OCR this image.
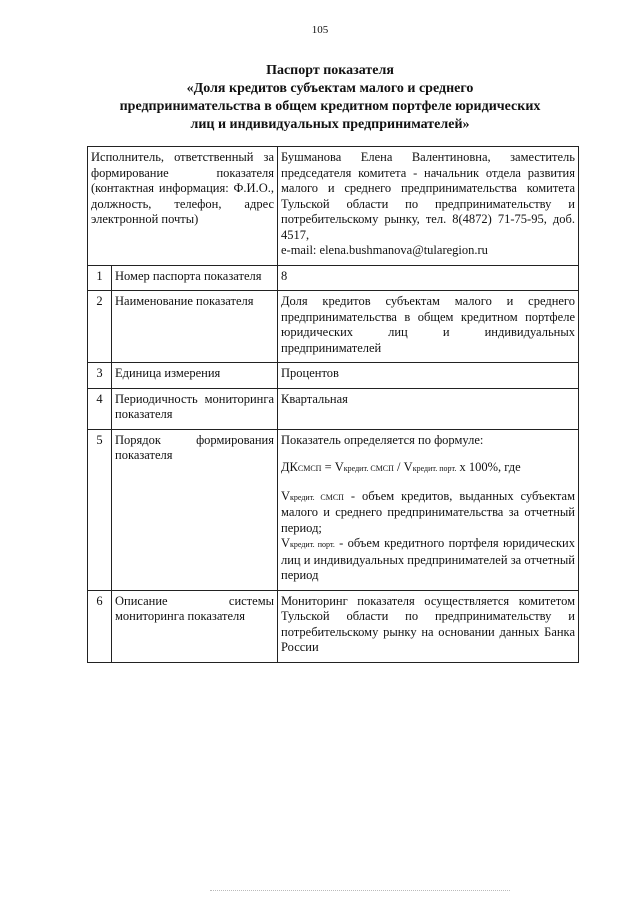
105
Паспорт показателя
«Доля кредитов субъектам малого и среднего
предпринимательства в общем кредитном портфеле юридических
лиц и индивидуальных предпринимателей»
Исполнитель, ответственный за формирование показателя (контактная информация: Ф.И.О., должность, телефон, адрес электронной почты)		Бушманова Елена Валентиновна, заместитель председателя комитета - начальник отдела развития малого и среднего предпринимательства комитета Тульской области по предпринимательству и потребительскому рынку, тел. 8(4872) 71-75-95, доб. 4517,
e-mail: elena.bushmanova@tularegion.ru
1	Номер паспорта показателя	8
2	Наименование показателя	Доля кредитов субъектам малого и среднего предпринимательства в общем кредитном портфеле юридических лиц и индивидуальных предпринимателей
3	Единица измерения	Процентов
4	Периодичность мониторинга показателя	Квартальная
5	Порядок формирования показателя	Показатель определяется по формуле:
ДКСМСП = Vкредит. СМСП / Vкредит. порт. х 100%, где

Vкредит. СМСП - объем кредитов, выданных субъектам малого и среднего предпринимательства за отчетный период;

Vкредит. порт. - объем кредитного портфеля юридических лиц и индивидуальных предпринимателей за отчетный период

6	Описание системы мониторинга показателя	Мониторинг показателя осуществляется комитетом Тульской области по предпринимательству и потребительскому рынку на основании данных Банка России
